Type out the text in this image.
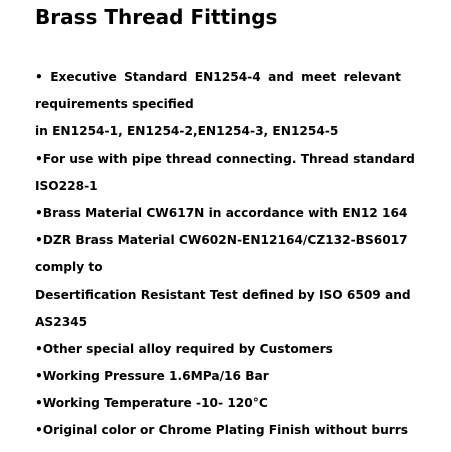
Brass Thread Fittings
• Executive Standard EN1254-4 and meet relevant
requirements specified
in EN1254-1, EN1254-2,EN1254-3, EN1254-5
•For use with pipe thread connecting. Thread standard
ISO228-1
•Brass Material CW617N in accordance with EN12 164
•DZR Brass Material CW602N-EN12164/CZ132-BS6017
comply to
Desertification Resistant Test defined by ISO 6509 and
AS2345
•Other special alloy required by Customers
•Working Pressure 1.6MPa/16 Bar
•Working Temperature -10- 120°C
•Original color or Chrome Plating Finish without burrs
